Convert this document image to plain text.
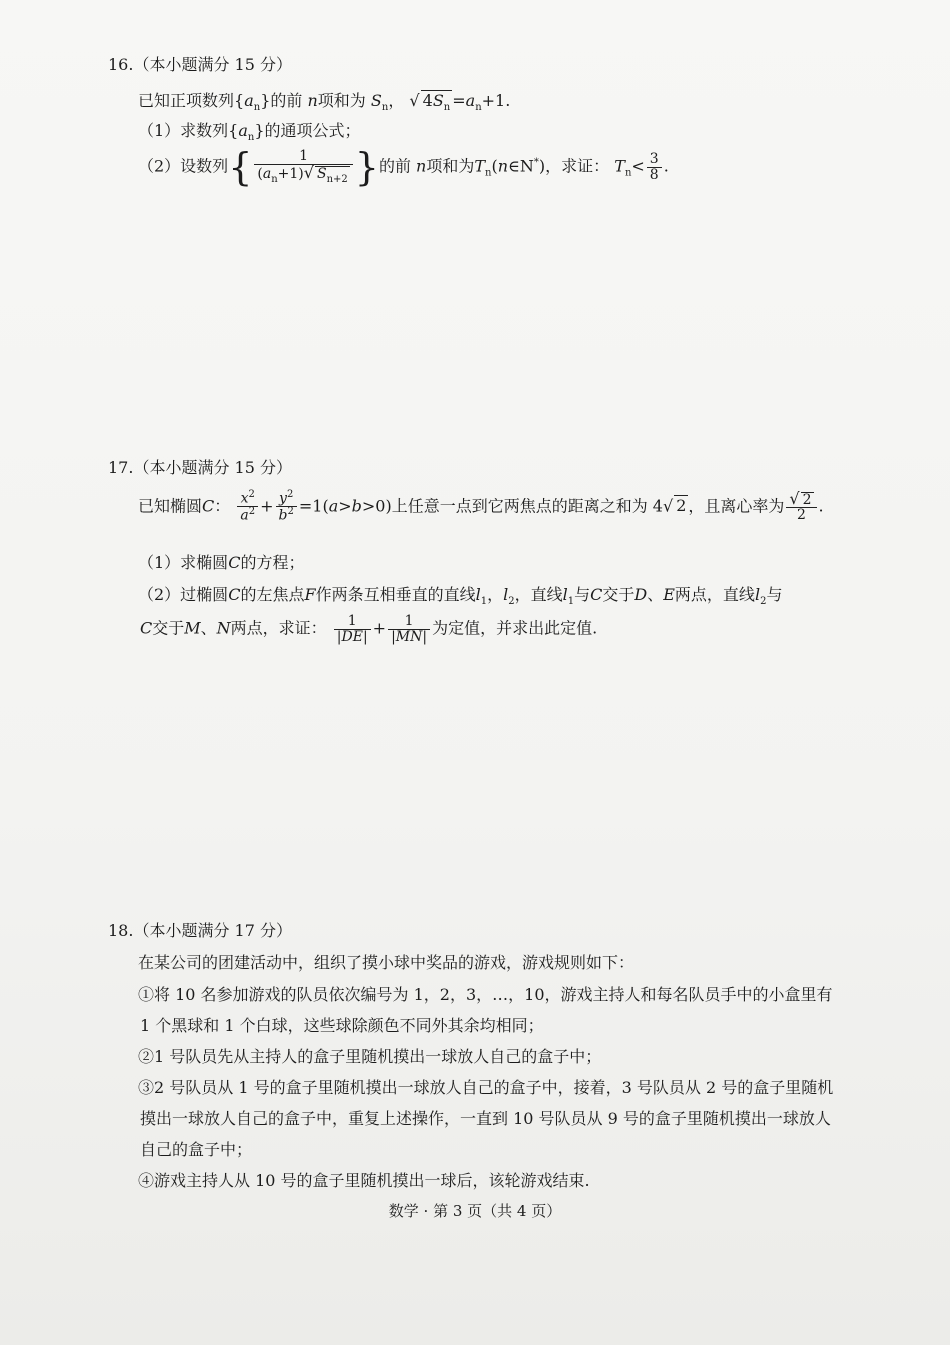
16.（本小题满分 15 分）
已知正项数列$\{a_n\}$的前 n项和为 $S_n$， √ $4S_n =a_n+1$.
（1）求数列$\{a_n\}$的通项公式；
（2）设数列{ $\frac{1}{(a_n+1)√ S_{n+2}}$ }的前 n项和为$T_n(n\in N^*)$，求证： $T_n< \frac{3}{8}$ .
17.（本小题满分 15 分）
已知椭圆C： $\frac{x^2}{a^2} + \frac{y^2}{b^2} =1(a>b>0)$上任意一点到它两焦点的距离之和为 4√ 2 ，且离心率为 $\frac{√ 2}{2}$ .
（1）求椭圆C的方程；
（2）过椭圆C的左焦点F作两条互相垂直的直线$l_1$，$l_2$，直线$l_1$与C交于D、E两点，直线$l_2$与
C交于M、N两点，求证： $\frac{1}{|DE|} + \frac{1}{|MN|}$ 为定值，并求出此定值.
18.（本小题满分 17 分）
在某公司的团建活动中，组织了摸小球中奖品的游戏，游戏规则如下：
①将 10 名参加游戏的队员依次编号为 1，2，3，…，10，游戏主持人和每名队员手中的小盒里有
1 个黑球和 1 个白球，这些球除颜色不同外其余均相同；
②1 号队员先从主持人的盒子里随机摸出一球放人自己的盒子中；
③2 号队员从 1 号的盒子里随机摸出一球放人自己的盒子中，接着，3 号队员从 2 号的盒子里随机
摸出一球放人自己的盒子中，重复上述操作，一直到 10 号队员从 9 号的盒子里随机摸出一球放人
自己的盒子中；
④游戏主持人从 10 号的盒子里随机摸出一球后，该轮游戏结束.
数学 · 第 3 页（共 4 页）
